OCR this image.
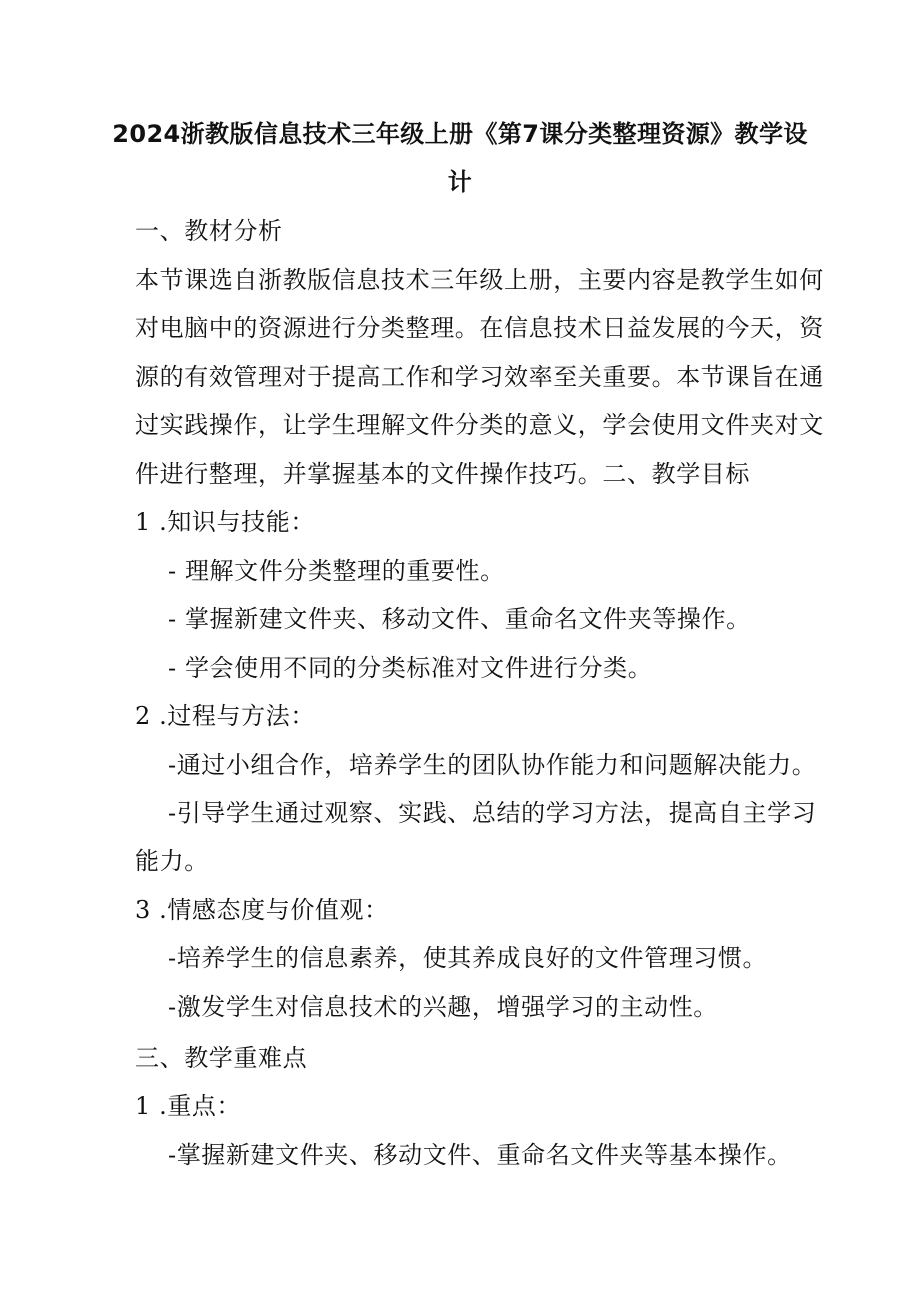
2024浙教版信息技术三年级上册《第7课分类整理资源》教学设
计
一、教材分析
本节课选自浙教版信息技术三年级上册，主要内容是教学生如何
对电脑中的资源进行分类整理。在信息技术日益发展的今天，资
源的有效管理对于提高工作和学习效率至关重要。本节课旨在通
过实践操作，让学生理解文件分类的意义，学会使用文件夹对文
件进行整理，并掌握基本的文件操作技巧。二、教学目标
1 .知识与技能：
- 理解文件分类整理的重要性。
- 掌握新建文件夹、移动文件、重命名文件夹等操作。
- 学会使用不同的分类标准对文件进行分类。
2 .过程与方法：
-通过小组合作，培养学生的团队协作能力和问题解决能力。
-引导学生通过观察、实践、总结的学习方法，提高自主学习
能力。
3 .情感态度与价值观：
-培养学生的信息素养，使其养成良好的文件管理习惯。
-激发学生对信息技术的兴趣，增强学习的主动性。
三、教学重难点
1 .重点：
-掌握新建文件夹、移动文件、重命名文件夹等基本操作。
